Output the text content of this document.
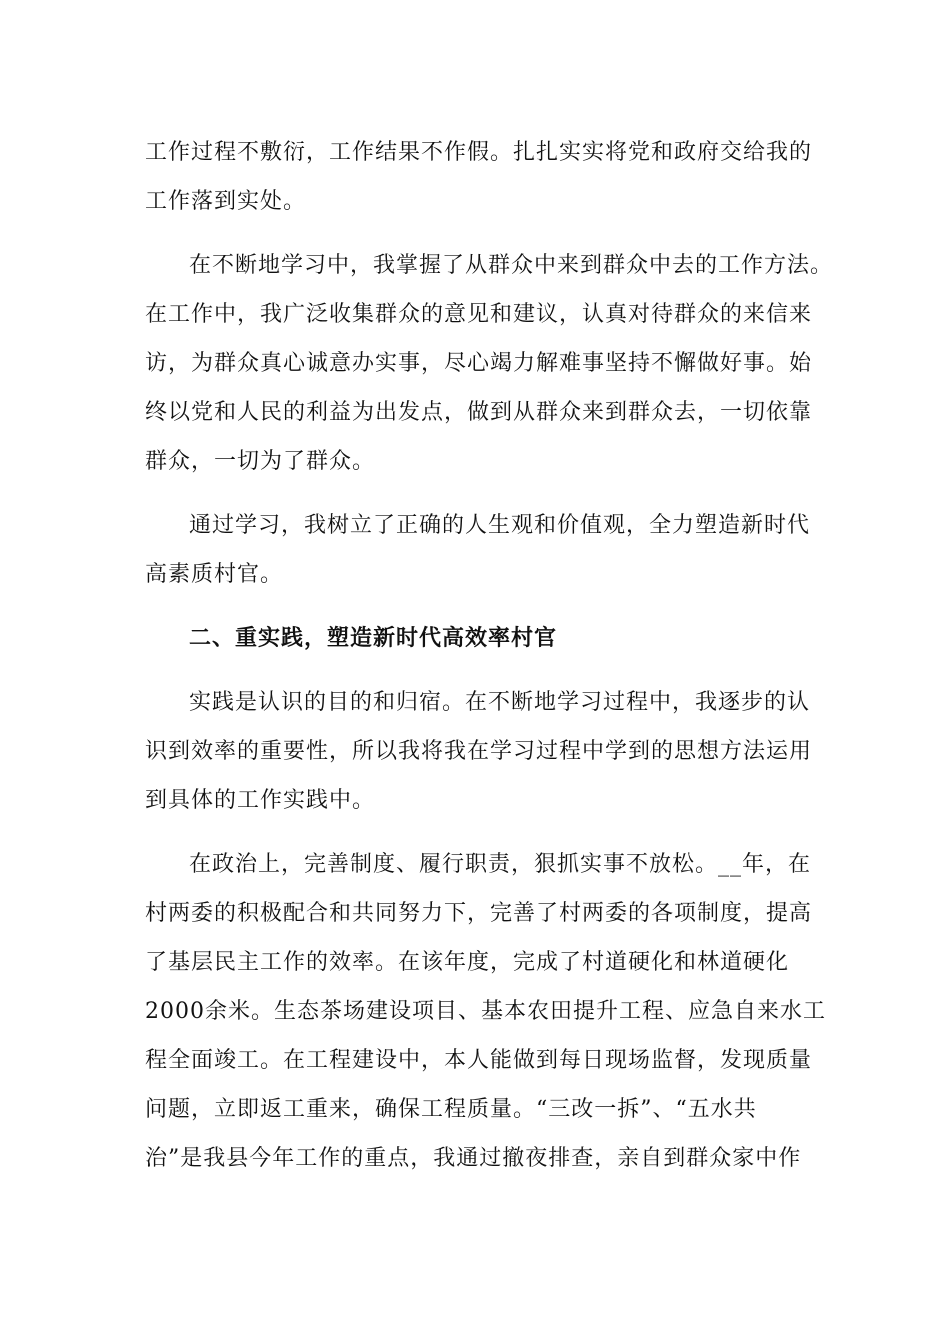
工作过程不敷衍，工作结果不作假。扎扎实实将党和政府交给我的
工作落到实处。
在不断地学习中，我掌握了从群众中来到群众中去的工作方法。
在工作中，我广泛收集群众的意见和建议，认真对待群众的来信来
访，为群众真心诚意办实事，尽心竭力解难事坚持不懈做好事。始
终以党和人民的利益为出发点，做到从群众来到群众去，一切依靠
群众，一切为了群众。
通过学习，我树立了正确的人生观和价值观，全力塑造新时代
高素质村官。
二、重实践，塑造新时代高效率村官
实践是认识的目的和归宿。在不断地学习过程中，我逐步的认
识到效率的重要性，所以我将我在学习过程中学到的思想方法运用
到具体的工作实践中。
在政治上，完善制度、履行职责，狠抓实事不放松。__年，在
村两委的积极配合和共同努力下，完善了村两委的各项制度，提高
了基层民主工作的效率。在该年度，完成了村道硬化和林道硬化
2000余米。生态茶场建设项目、基本农田提升工程、应急自来水工
程全面竣工。在工程建设中，本人能做到每日现场监督，发现质量
问题，立即返工重来，确保工程质量。“三改一拆”、“五水共
治”是我县今年工作的重点，我通过撤夜排查，亲自到群众家中作
